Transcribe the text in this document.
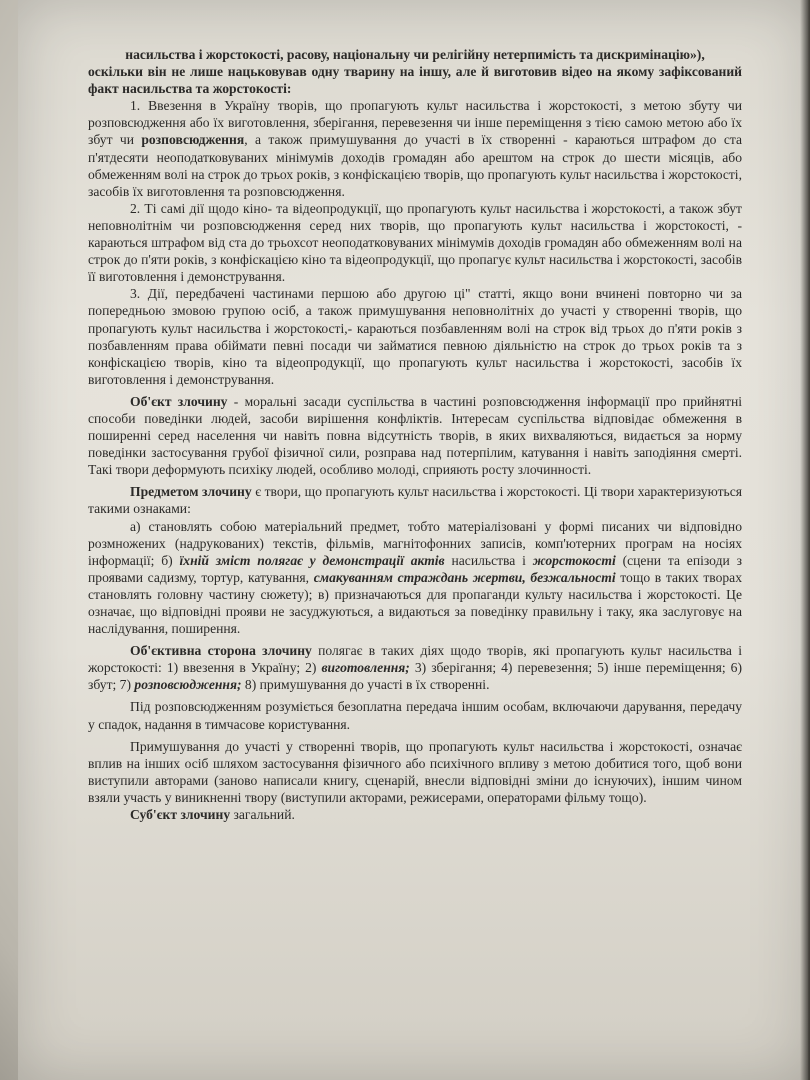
насильства і жорстокості, расову, національну чи релігійну нетерпимість та дискримінацію»),

оскільки він не лише нацьковував одну тварину на іншу, але й виготовив відео на якому зафіксований факт насильства та жорстокості:

1. Ввезення в Україну творів, що пропагують культ насильства і жорстокості, з метою збуту чи розповсюдження або їх виготовлення, зберігання, перевезення чи інше переміщення з тією самою метою або їх збут чи розповсюдження, а також примушування до участі в їх створенні - караються штрафом до ста п'ятдесяти неоподатковуваних мінімумів доходів громадян або арештом на строк до шести місяців, або обмеженням волі на строк до трьох років, з конфіскацією творів, що пропагують культ насильства і жорстокості, засобів їх виготовлення та розповсюдження.

2. Ті самі дії щодо кіно- та відеопродукції, що пропагують культ насильства і жорстокості, а також збут неповнолітнім чи розповсюдження серед них творів, що пропагують культ насильства і жорстокості, - караються штрафом від ста до трьохсот неоподатковуваних мінімумів доходів громадян або обмеженням волі на строк до п'яти років, з конфіскацією кіно та відеопродукції, що пропагує культ насильства і жорстокості, засобів її виготовлення і демонстрування.

3. Дії, передбачені частинами першою або другою ці" статті, якщо вони вчинені повторно чи за попередньою змовою групою осіб, а також примушування неповнолітніх до участі у створенні творів, що пропагують культ насильства і жорстокості,- караються позбавленням волі на строк від трьох до п'яти років з позбавленням права обіймати певні посади чи займатися певною діяльністю на строк до трьох років та з конфіскацією творів, кіно та відеопродукції, що пропагують культ насильства і жорстокості, засобів їх виготовлення і демонстрування.

Об'єкт злочину - моральні засади суспільства в частині розповсюдження інформації про прийнятні способи поведінки людей, засоби вирішення конфліктів. Інтересам суспільства відповідає обмеження в поширенні серед населення чи навіть повна відсутність творів, в яких вихваляються, видається за норму поведінки застосування грубої фізичної сили, розправа над потерпілим, катування і навіть заподіяння смерті. Такі твори деформують психіку людей, особливо молоді, сприяють росту злочинності.

Предметом злочину є твори, що пропагують культ насильства і жорстокості. Ці твори характеризуються такими ознаками:

а) становлять собою матеріальний предмет, тобто матеріалізовані у формі писаних чи відповідно розмножених (надрукованих) текстів, фільмів, магнітофонних записів, комп'ютерних програм на носіях інформації; б) їхній зміст полягає у демонстрації актів насильства і жорстокості (сцени та епізоди з проявами садизму, тортур, катування, смакуванням страждань жертви, безжальності тощо в таких творах становлять головну частину сюжету); в) призначаються для пропаганди культу насильства і жорстокості. Це означає, що відповідні прояви не засуджуються, а видаються за поведінку правильну і таку, яка заслуговує на наслідування, поширення.

Об'єктивна сторона злочину полягає в таких діях щодо творів, які пропагують культ насильства і жорстокості: 1) ввезення в Україну; 2) виготовлення; 3) зберігання; 4) перевезення; 5) інше переміщення; 6) збут; 7) розповсюдження; 8) примушування до участі в їх створенні.

Під розповсюдженням розуміється безоплатна передача іншим особам, включаючи дарування, передачу у спадок, надання в тимчасове користування.

Примушування до участі у створенні творів, що пропагують культ насильства і жорстокості, означає вплив на інших осіб шляхом застосування фізичного або психічного впливу з метою добитися того, щоб вони виступили авторами (заново написали книгу, сценарій, внесли відповідні зміни до існуючих), іншим чином взяли участь у виникненні твору (виступили акторами, режисерами, операторами фільму тощо).

Суб'єкт злочину загальний.
